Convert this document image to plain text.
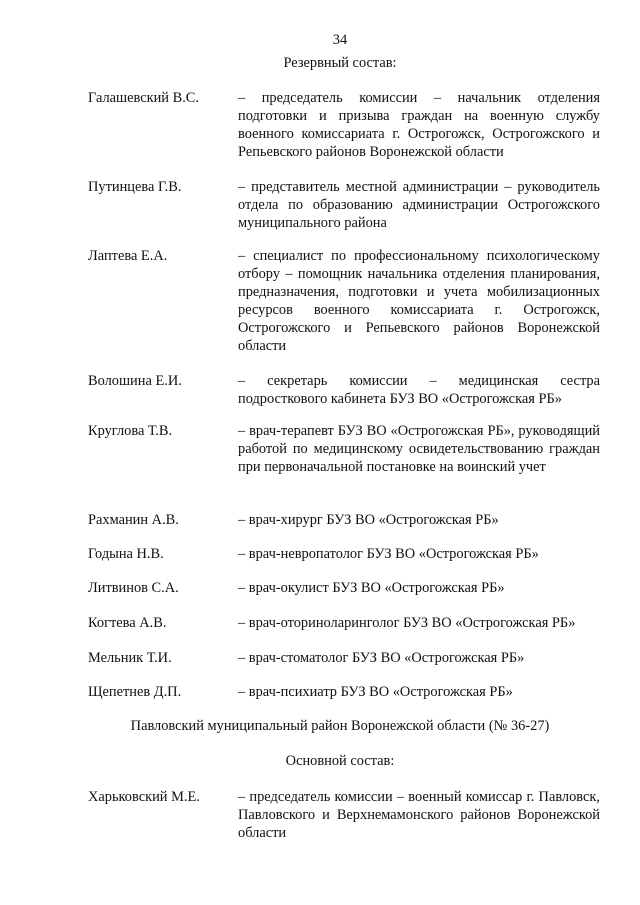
34
Резервный состав:
Галашевский В.С.	– председатель комиссии – начальник отделения подготовки и призыва граждан на военную службу военного комиссариата г. Острогожск, Острогожского и Репьевского районов Воронежской области
Путинцева Г.В.	– представитель местной администрации – руководитель отдела по образованию администрации Острогожского муниципального района
Лаптева Е.А.	– специалист по профессиональному психологическому отбору – помощник начальника отделения планирования, предназначения, подготовки и учета мобилизационных ресурсов военного комиссариата г. Острогожск, Острогожского и Репьевского районов Воронежской области
Волошина Е.И.	– секретарь комиссии – медицинская сестра подросткового кабинета БУЗ ВО «Острогожская РБ»
Круглова Т.В.	– врач-терапевт БУЗ ВО «Острогожская РБ», руководящий работой по медицинскому освидетельствованию граждан при первоначальной постановке на воинский учет
Рахманин А.В.	– врач-хирург БУЗ ВО «Острогожская РБ»
Годына Н.В.	– врач-невропатолог БУЗ ВО «Острогожская РБ»
Литвинов С.А.	– врач-окулист БУЗ ВО «Острогожская РБ»
Когтева А.В.	– врач-оториноларинголог БУЗ ВО «Острогожская РБ»
Мельник Т.И.	– врач-стоматолог БУЗ ВО «Острогожская РБ»
Щепетнев Д.П.	– врач-психиатр БУЗ ВО «Острогожская РБ»
Павловский муниципальный район Воронежской области (№ 36-27)
Основной состав:
Харьковский М.Е.	– председатель комиссии – военный комиссар г. Павловск, Павловского и Верхнемамонского районов Воронежской области
